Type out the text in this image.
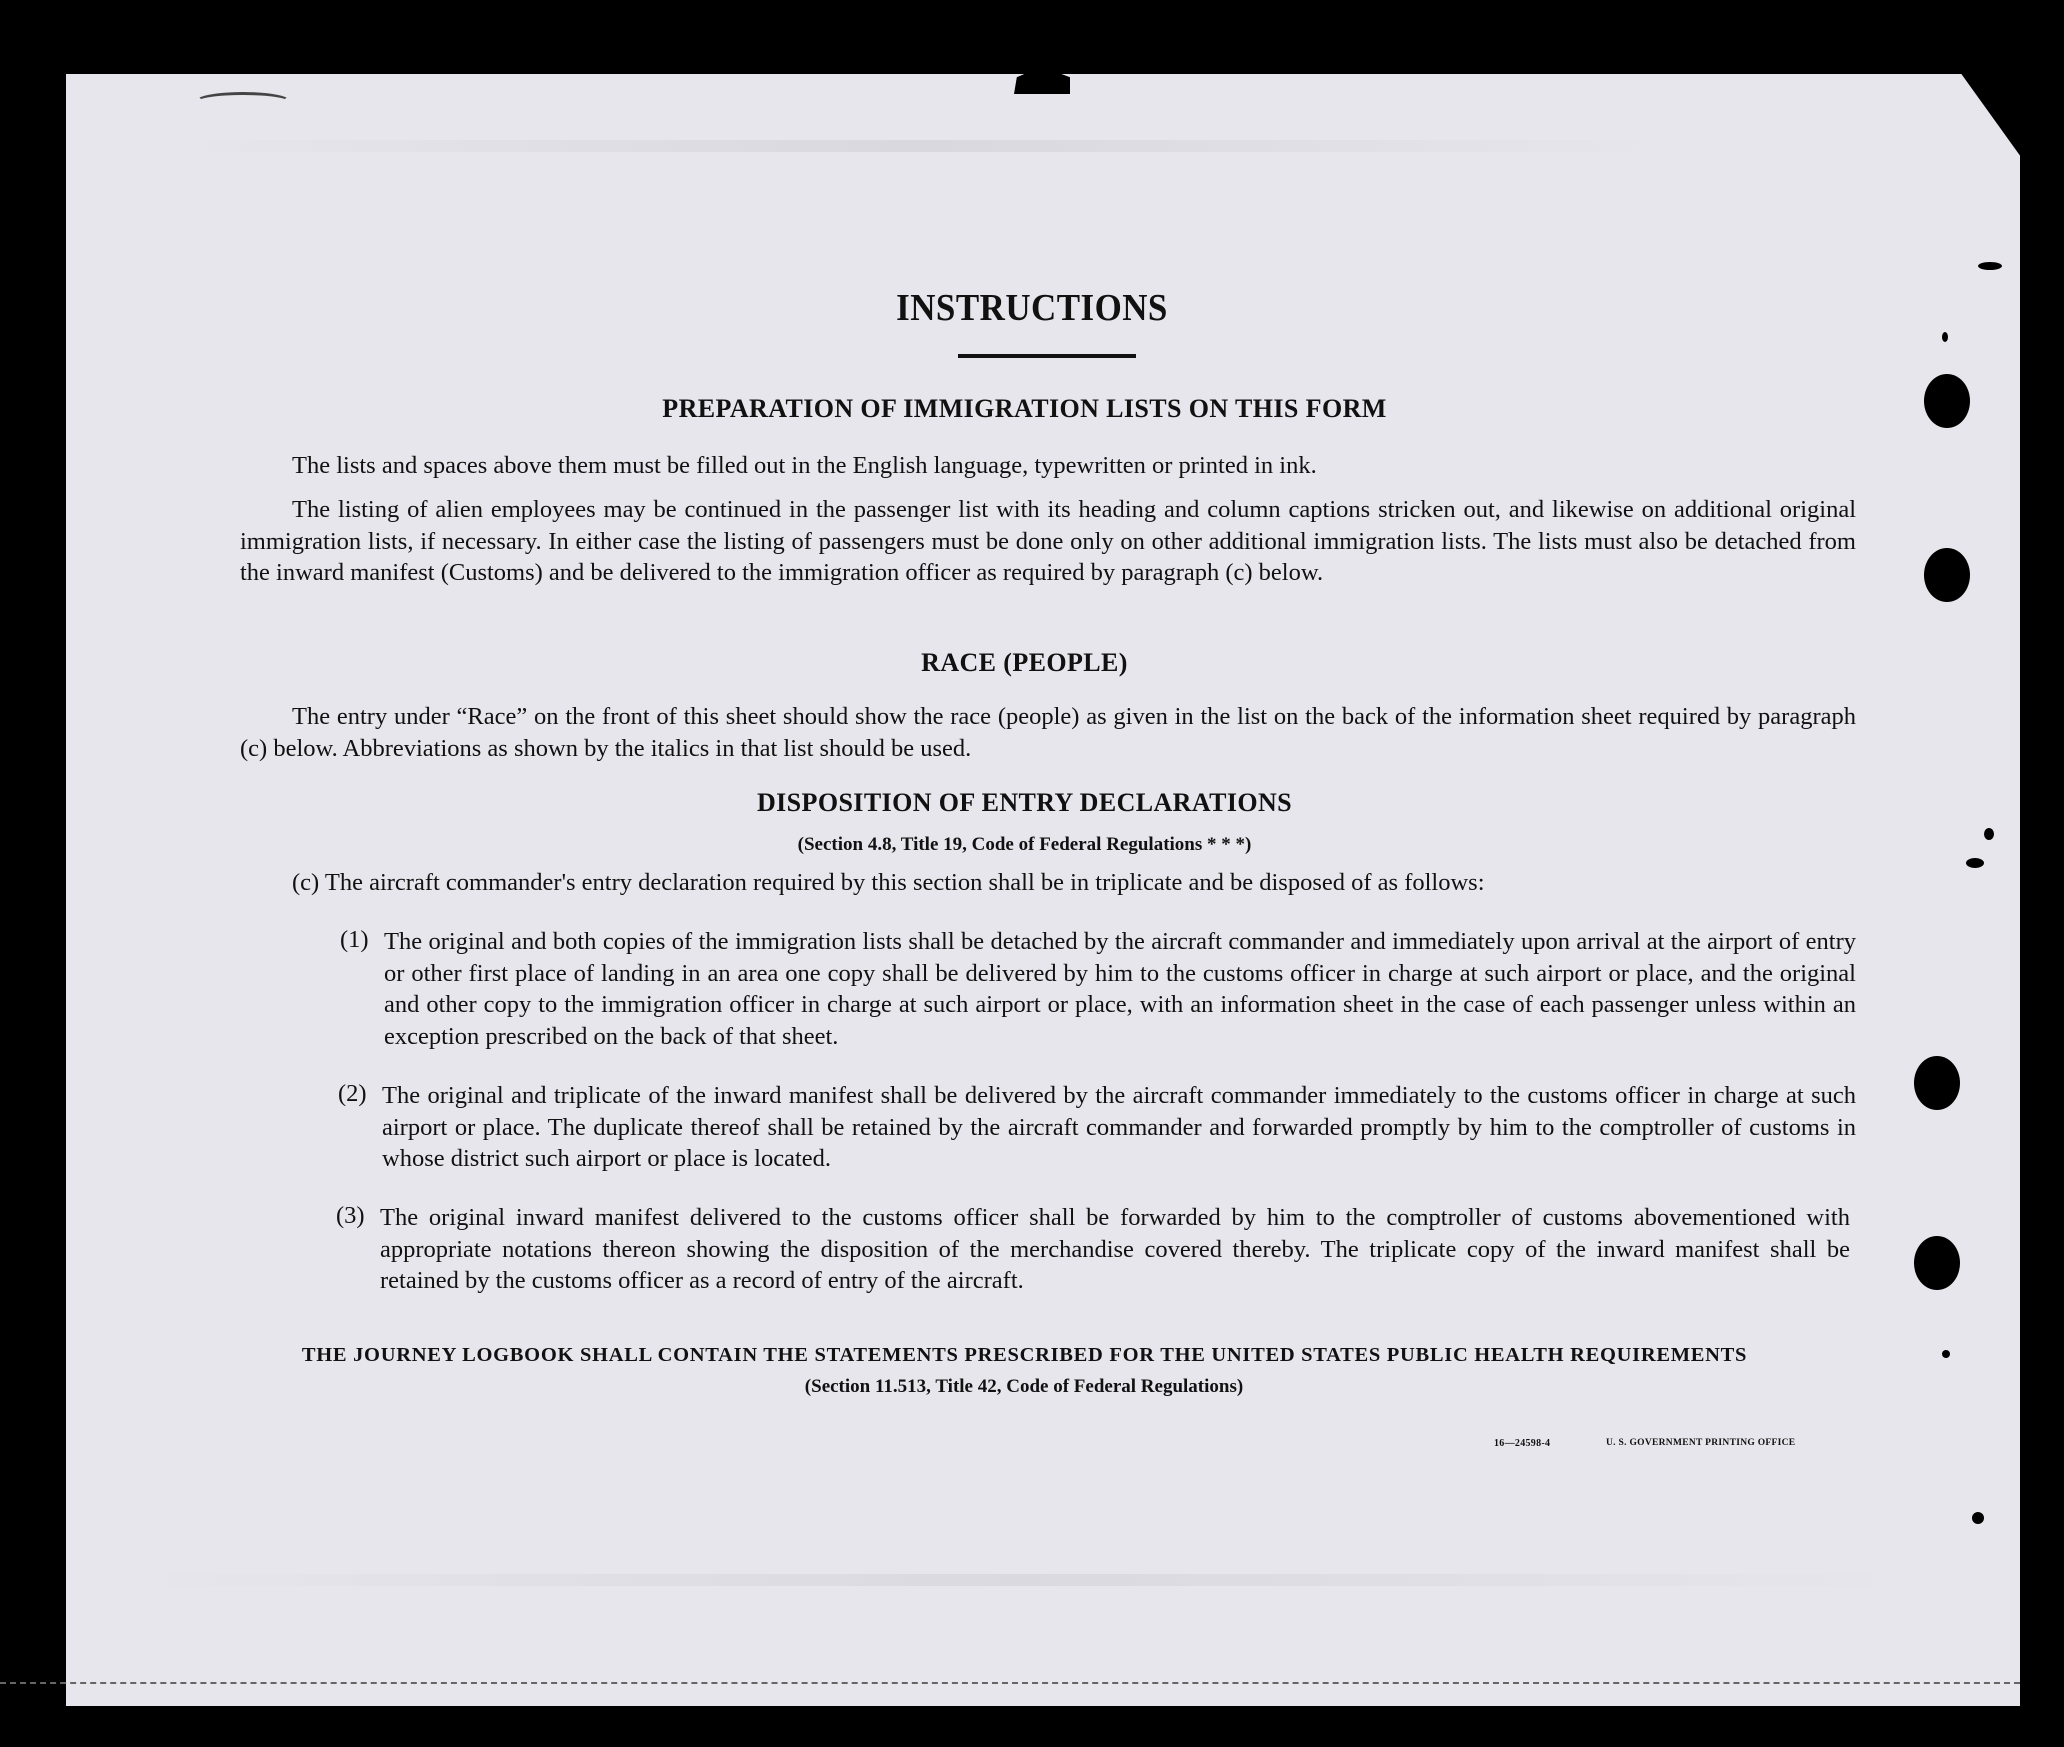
INSTRUCTIONS
PREPARATION OF IMMIGRATION LISTS ON THIS FORM
The lists and spaces above them must be filled out in the English language, typewritten or printed in ink.
The listing of alien employees may be continued in the passenger list with its heading and column captions stricken out, and likewise on additional original immigration lists, if necessary. In either case the listing of passengers must be done only on other additional immigration lists. The lists must also be detached from the inward manifest (Customs) and be delivered to the immigration officer as required by paragraph (c) below.
RACE (PEOPLE)
The entry under “Race” on the front of this sheet should show the race (people) as given in the list on the back of the information sheet required by paragraph (c) below. Abbreviations as shown by the italics in that list should be used.
DISPOSITION OF ENTRY DECLARATIONS
(Section 4.8, Title 19, Code of Federal Regulations * * *)
(c) The aircraft commander's entry declaration required by this section shall be in triplicate and be disposed of as follows:
(1) The original and both copies of the immigration lists shall be detached by the aircraft commander and immediately upon arrival at the airport of entry or other first place of landing in an area one copy shall be delivered by him to the customs officer in charge at such airport or place, and the original and other copy to the immigration officer in charge at such airport or place, with an information sheet in the case of each passenger unless within an exception prescribed on the back of that sheet.
(2) The original and triplicate of the inward manifest shall be delivered by the aircraft commander immediately to the customs officer in charge at such airport or place. The duplicate thereof shall be retained by the aircraft commander and forwarded promptly by him to the comptroller of customs in whose district such airport or place is located.
(3) The original inward manifest delivered to the customs officer shall be forwarded by him to the comptroller of customs abovementioned with appropriate notations thereon showing the disposition of the merchandise covered thereby. The triplicate copy of the inward manifest shall be retained by the customs officer as a record of entry of the aircraft.
THE JOURNEY LOGBOOK SHALL CONTAIN THE STATEMENTS PRESCRIBED FOR THE UNITED STATES PUBLIC HEALTH REQUIREMENTS
(Section 11.513, Title 42, Code of Federal Regulations)
16—24598-4	U. S. GOVERNMENT PRINTING OFFICE
